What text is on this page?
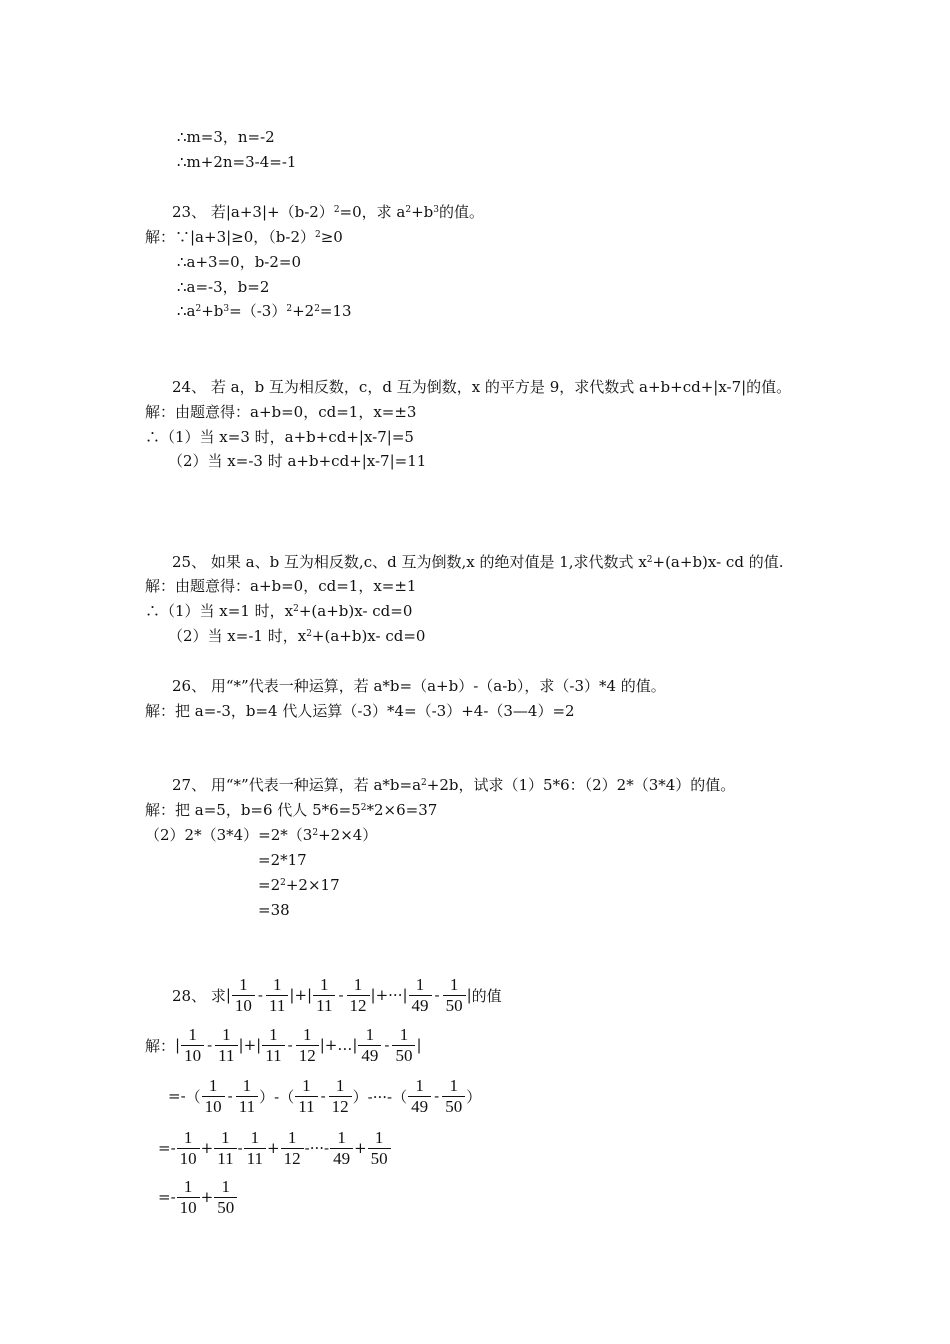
∴m=3，n=-2
∴m+2n=3-4=-1
23、 若$|a+3|+(b-2)^2=0$，求 $a^2+b^3$的值。
解：∵|a+3|≥0，$(b-2)^2\ge 0$
∴a+3=0，b-2=0
∴a=-3，b=2
$\therefore a^2+b^3=(-3)^2+2^2=13$
24、 若 a，b 互为相反数，c，d 互为倒数，x 的平方是 9，求代数式 a+b+cd+|x-7|的值。
解：由题意得：a+b=0，cd=1，x=±3
∴（1）当 x=3 时，a+b+cd+|x-7|=5
（2）当 x=-3 时 a+b+cd+|x-7|=11
25、 如果 a、b 互为相反数,c、d 互为倒数,x 的绝对值是 1,求代数式 $x^2+(a+b)x-$ cd 的值.
解：由题意得：a+b=0，cd=1，x=±1
∴（1）当 x=1 时，$x^2+(a+b)x-$ cd=0
（2）当 x=-1 时，$x^2+(a+b)x-$ cd=0
26、 用“*”代表一种运算，若 a*b=（a+b）-（a-b），求（-3）*4 的值。
解：把 a=-3，b=4 代人运算（-3）*4=（-3）+4-（3—4）=2
27、 用“*”代表一种运算，若 $a*b=a^2+2b$，试求（1）5*6：（2）2*（3*4）的值。
解：把 a=5，b=6 代人 $5*6=5^2*2\times 6=37$
$(2)2*(3*4)=2*(3^2+2\times 4)$
=2*17
$=2^2+2\times 17$
=38
28、 求 | $\frac{1}{10} - \frac{1}{11}$ | + | $\frac{1}{11} - \frac{1}{12}$ | +··· | $\frac{1}{49} - \frac{1}{50}$ | 的值
解： | $\frac{1}{10} - \frac{1}{11}$ | + | $\frac{1}{11} - \frac{1}{12}$ | +… | $\frac{1}{49} - \frac{1}{50}$ |
=- （ $\frac{1}{10} - \frac{1}{11}$ ） -（ $\frac{1}{11} - \frac{1}{12}$ ）-···-（ $\frac{1}{49} - \frac{1}{50}$ ）
=- $\frac{1}{10} + \frac{1}{11} - \frac{1}{11} + \frac{1}{12}$ -···- $\frac{1}{49} + \frac{1}{50}$
=- $\frac{1}{10} + \frac{1}{50}$
